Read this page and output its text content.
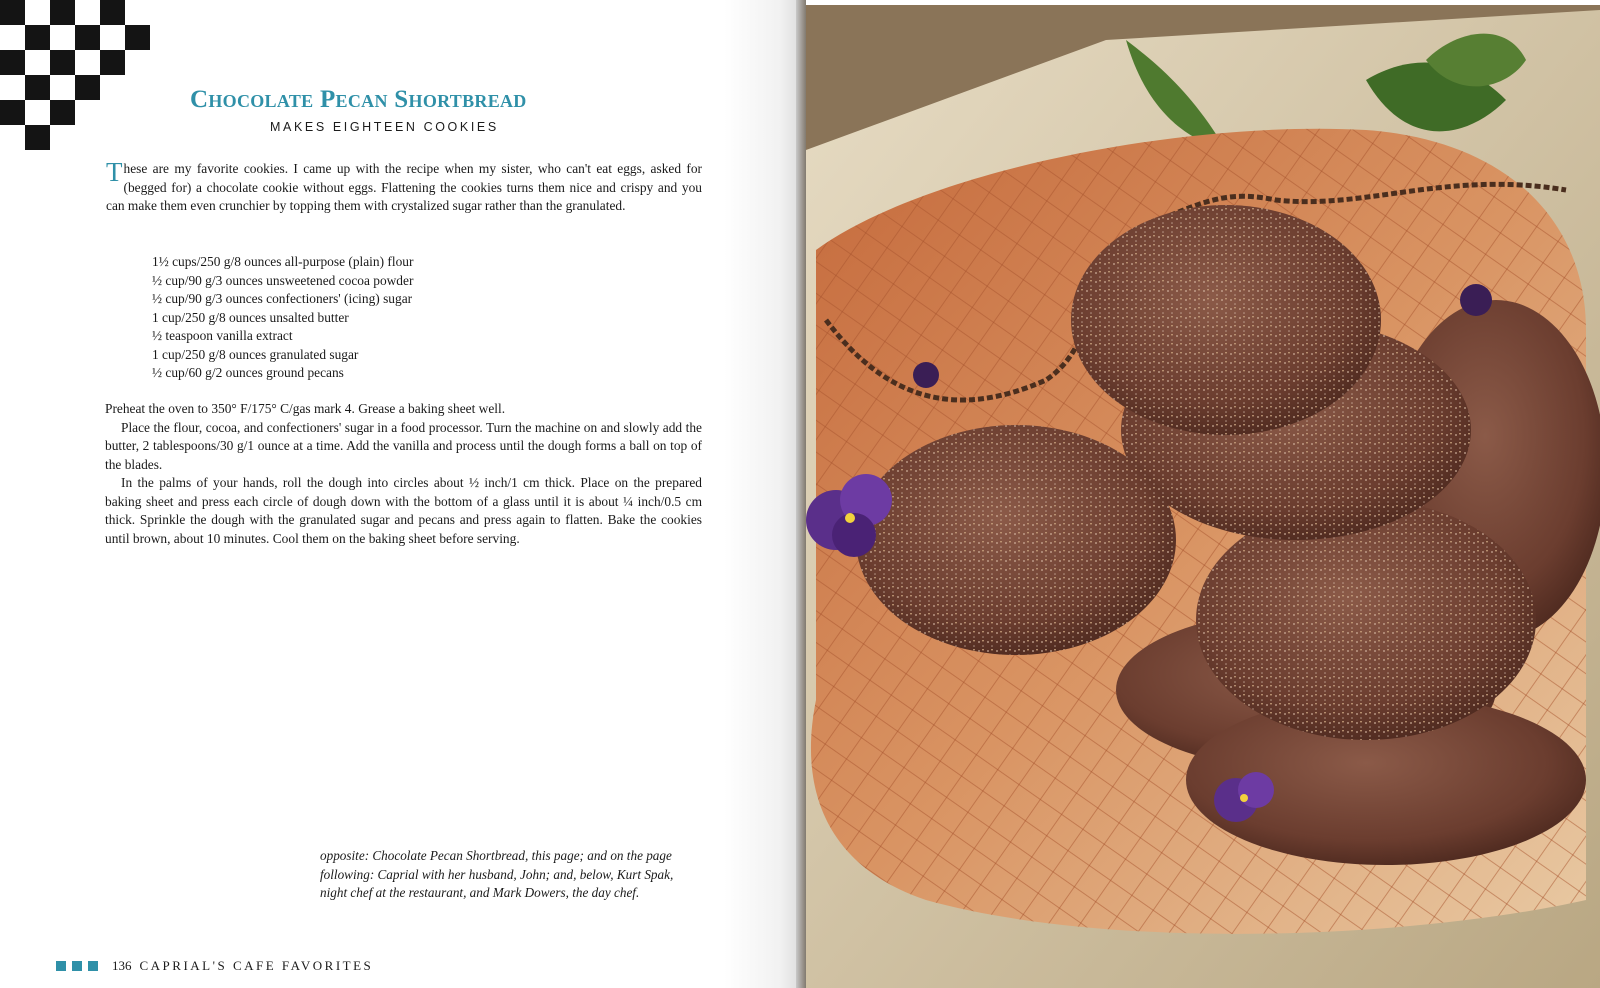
Chocolate Pecan Shortbread
MAKES EIGHTEEN COOKIES

These are my favorite cookies. I came up with the recipe when my sister, who can't eat eggs, asked for (begged for) a chocolate cookie without eggs. Flattening the cookies turns them nice and crispy and you can make them even crunchier by topping them with crystalized sugar rather than the granulated.

1½ cups/250 g/8 ounces all-purpose (plain) flour
½ cup/90 g/3 ounces unsweetened cocoa powder
½ cup/90 g/3 ounces confectioners' (icing) sugar
1 cup/250 g/8 ounces unsalted butter
½ teaspoon vanilla extract
1 cup/250 g/8 ounces granulated sugar
½ cup/60 g/2 ounces ground pecans

Preheat the oven to 350° F/175° C/gas mark 4. Grease a baking sheet well.

Place the flour, cocoa, and confectioners' sugar in a food processor. Turn the machine on and slowly add the butter, 2 tablespoons/30 g/1 ounce at a time. Add the vanilla and process until the dough forms a ball on top of the blades.

In the palms of your hands, roll the dough into circles about ½ inch/1 cm thick. Place on the prepared baking sheet and press each circle of dough down with the bottom of a glass until it is about ¼ inch/0.5 cm thick. Sprinkle the dough with the granulated sugar and pecans and press again to flatten. Bake the cookies until brown, about 10 minutes. Cool them on the baking sheet before serving.

opposite: Chocolate Pecan Shortbread, this page; and on the page following: Caprial with her husband, John; and, below, Kurt Spak, night chef at the restaurant, and Mark Dowers, the day chef.

136 CAPRIAL'S CAFE FAVORITES
